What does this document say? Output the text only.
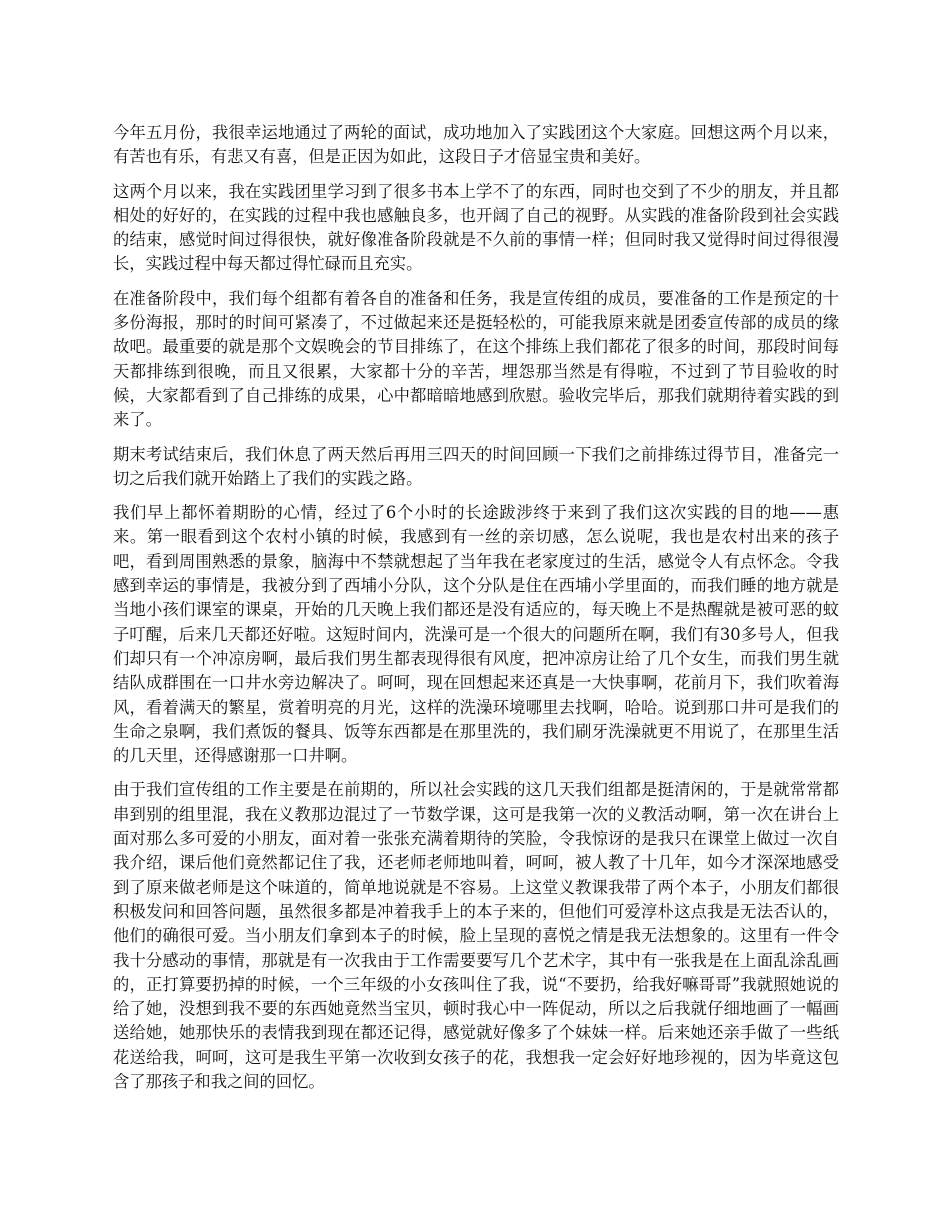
今年五月份，我很幸运地通过了两轮的面试，成功地加入了实践团这个大家庭。回想这两个月以来，有苦也有乐，有悲又有喜，但是正因为如此，这段日子才倍显宝贵和美好。

这两个月以来，我在实践团里学习到了很多书本上学不了的东西，同时也交到了不少的朋友，并且都相处的好好的，在实践的过程中我也感触良多，也开阔了自己的视野。从实践的准备阶段到社会实践的结束，感觉时间过得很快，就好像准备阶段就是不久前的事情一样；但同时我又觉得时间过得很漫长，实践过程中每天都过得忙碌而且充实。

在准备阶段中，我们每个组都有着各自的准备和任务，我是宣传组的成员，要准备的工作是预定的十多份海报，那时的时间可紧凑了，不过做起来还是挺轻松的，可能我原来就是团委宣传部的成员的缘故吧。最重要的就是那个文娱晚会的节目排练了，在这个排练上我们都花了很多的时间，那段时间每天都排练到很晚，而且又很累，大家都十分的辛苦，埋怨那当然是有得啦，不过到了节目验收的时候，大家都看到了自己排练的成果，心中都暗暗地感到欣慰。验收完毕后，那我们就期待着实践的到来了。

期末考试结束后，我们休息了两天然后再用三四天的时间回顾一下我们之前排练过得节目，准备完一切之后我们就开始踏上了我们的实践之路。

我们早上都怀着期盼的心情，经过了6个小时的长途跋涉终于来到了我们这次实践的目的地——惠来。第一眼看到这个农村小镇的时候，我感到有一丝的亲切感，怎么说呢，我也是农村出来的孩子吧，看到周围熟悉的景象，脑海中不禁就想起了当年我在老家度过的生活，感觉令人有点怀念。令我感到幸运的事情是，我被分到了西埔小分队，这个分队是住在西埔小学里面的，而我们睡的地方就是当地小孩们课室的课桌，开始的几天晚上我们都还是没有适应的，每天晚上不是热醒就是被可恶的蚊子叮醒，后来几天都还好啦。这短时间内，洗澡可是一个很大的问题所在啊，我们有30多号人，但我们却只有一个冲凉房啊，最后我们男生都表现得很有风度，把冲凉房让给了几个女生，而我们男生就结队成群围在一口井水旁边解决了。呵呵，现在回想起来还真是一大快事啊，花前月下，我们吹着海风，看着满天的繁星，赏着明亮的月光，这样的洗澡环境哪里去找啊，哈哈。说到那口井可是我们的生命之泉啊，我们煮饭的餐具、饭等东西都是在那里洗的，我们刷牙洗澡就更不用说了，在那里生活的几天里，还得感谢那一口井啊。

由于我们宣传组的工作主要是在前期的，所以社会实践的这几天我们组都是挺清闲的，于是就常常都串到别的组里混，我在义教那边混过了一节数学课，这可是我第一次的义教活动啊，第一次在讲台上面对那么多可爱的小朋友，面对着一张张充满着期待的笑脸，令我惊讶的是我只在课堂上做过一次自我介绍，课后他们竟然都记住了我，还老师老师地叫着，呵呵，被人教了十几年，如今才深深地感受到了原来做老师是这个味道的，简单地说就是不容易。上这堂义教课我带了两个本子，小朋友们都很积极发问和回答问题，虽然很多都是冲着我手上的本子来的，但他们可爱淳朴这点我是无法否认的，他们的确很可爱。当小朋友们拿到本子的时候，脸上呈现的喜悦之情是我无法想象的。这里有一件令我十分感动的事情，那就是有一次我由于工作需要要写几个艺术字，其中有一张我是在上面乱涂乱画的，正打算要扔掉的时候，一个三年级的小女孩叫住了我，说“不要扔，给我好嘛哥哥”我就照她说的给了她，没想到我不要的东西她竟然当宝贝，顿时我心中一阵促动，所以之后我就仔细地画了一幅画送给她，她那快乐的表情我到现在都还记得，感觉就好像多了个妹妹一样。后来她还亲手做了一些纸花送给我，呵呵，这可是我生平第一次收到女孩子的花，我想我一定会好好地珍视的，因为毕竟这包含了那孩子和我之间的回忆。
